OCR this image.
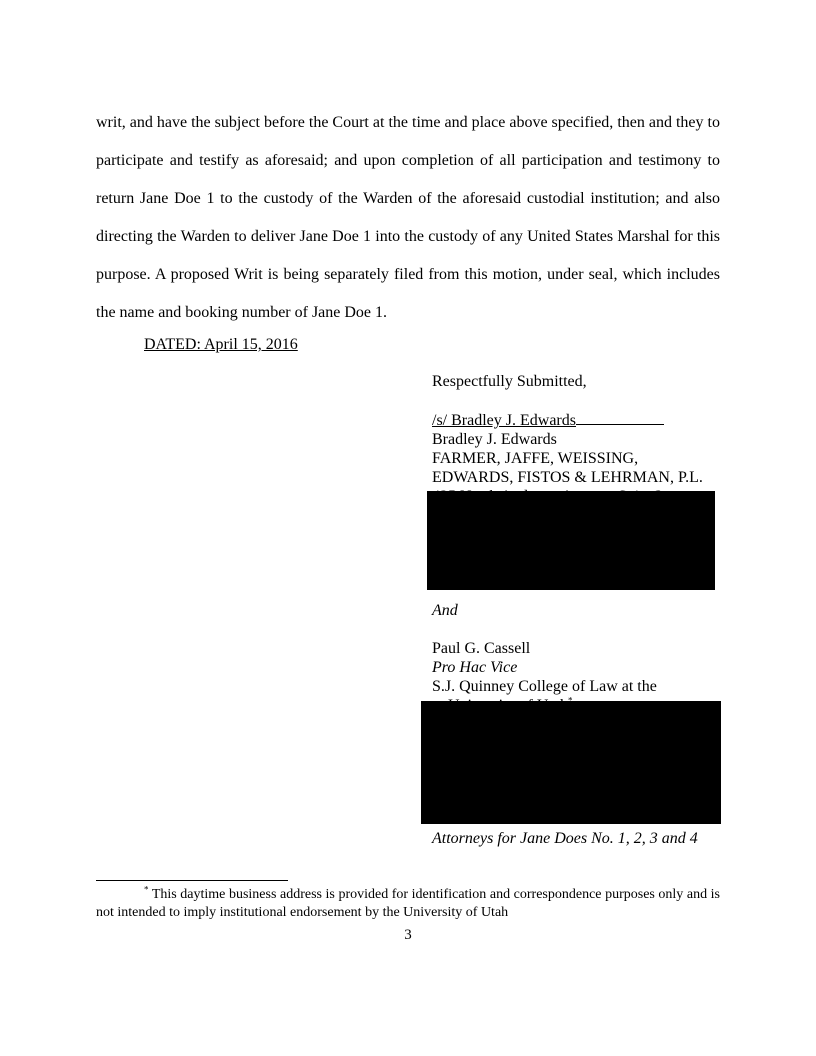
writ, and have the subject before the Court at the time and place above specified, then and they to participate and testify as aforesaid; and upon completion of all participation and testimony to return Jane Doe 1 to the custody of the Warden of the aforesaid custodial institution; and also directing the Warden to deliver Jane Doe 1 into the custody of any United States Marshal for this purpose. A proposed Writ is being separately filed from this motion, under seal, which includes the name and booking number of Jane Doe 1.

DATED: April 15, 2016
Respectfully Submitted,
/s/ Bradley J. Edwards
Bradley J. Edwards
FARMER, JAFFE, WEISSING,
EDWARDS, FISTOS & LEHRMAN, P.L.
And
Paul G. Cassell
Pro Hac Vice
S.J. Quinney College of Law at the
Attorneys for Jane Does No. 1, 2, 3 and 4

* This daytime business address is provided for identification and correspondence purposes only and is not intended to imply institutional endorsement by the University of Utah

3
